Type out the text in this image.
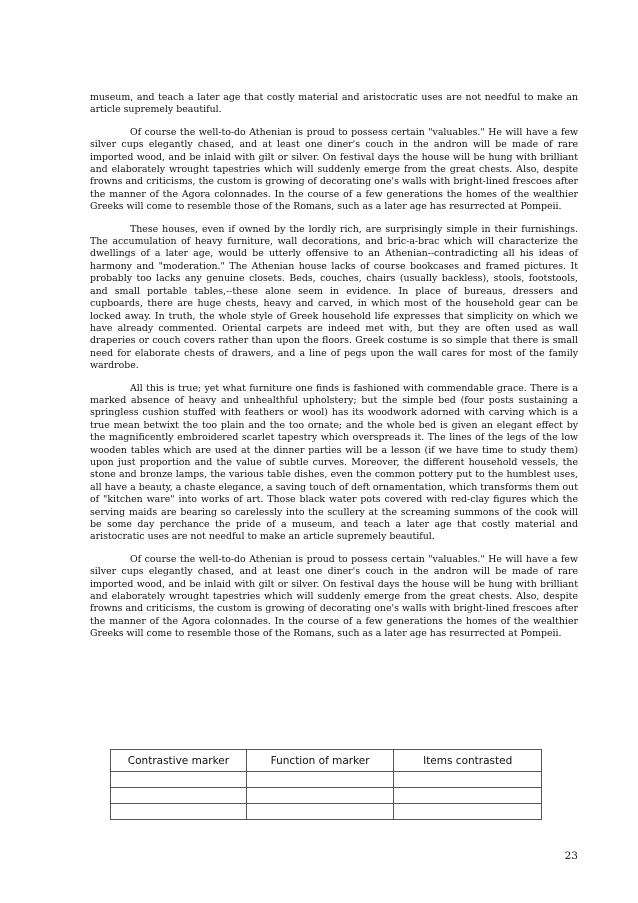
museum, and teach a later age that costly material and aristocratic uses are not needful to make an article supremely beautiful.

Of course the well-to-do Athenian is proud to possess certain "valuables." He will have a few silver cups elegantly chased, and at least one diner's couch in the andron will be made of rare imported wood, and be inlaid with gilt or silver. On festival days the house will be hung with brilliant and elaborately wrought tapestries which will suddenly emerge from the great chests. Also, despite frowns and criticisms, the custom is growing of decorating one's walls with bright-lined frescoes after the manner of the Agora colonnades. In the course of a few generations the homes of the wealthier Greeks will come to resemble those of the Romans, such as a later age has resurrected at Pompeii.

These houses, even if owned by the lordly rich, are surprisingly simple in their furnishings. The accumulation of heavy furniture, wall decorations, and bric-a-brac which will characterize the dwellings of a later age, would be utterly offensive to an Athenian--contradicting all his ideas of harmony and "moderation." The Athenian house lacks of course bookcases and framed pictures. It probably too lacks any genuine closets. Beds, couches, chairs (usually backless), stools, footstools, and small portable tables,--these alone seem in evidence. In place of bureaus, dressers and cupboards, there are huge chests, heavy and carved, in which most of the household gear can be locked away. In truth, the whole style of Greek household life expresses that simplicity on which we have already commented. Oriental carpets are indeed met with, but they are often used as wall draperies or couch covers rather than upon the floors. Greek costume is so simple that there is small need for elaborate chests of drawers, and a line of pegs upon the wall cares for most of the family wardrobe.

All this is true; yet what furniture one finds is fashioned with commendable grace. There is a marked absence of heavy and unhealthful upholstery; but the simple bed (four posts sustaining a springless cushion stuffed with feathers or wool) has its woodwork adorned with carving which is a true mean betwixt the too plain and the too ornate; and the whole bed is given an elegant effect by the magnificently embroidered scarlet tapestry which overspreads it. The lines of the legs of the low wooden tables which are used at the dinner parties will be a lesson (if we have time to study them) upon just proportion and the value of subtle curves. Moreover, the different household vessels, the stone and bronze lamps, the various table dishes, even the common pottery put to the humblest uses, all have a beauty, a chaste elegance, a saving touch of deft ornamentation, which transforms them out of "kitchen ware" into works of art. Those black water pots covered with red-clay figures which the serving maids are bearing so carelessly into the scullery at the screaming summons of the cook will be some day perchance the pride of a museum, and teach a later age that costly material and aristocratic uses are not needful to make an article supremely beautiful.

Of course the well-to-do Athenian is proud to possess certain "valuables." He will have a few silver cups elegantly chased, and at least one diner's couch in the andron will be made of rare imported wood, and be inlaid with gilt or silver. On festival days the house will be hung with brilliant and elaborately wrought tapestries which will suddenly emerge from the great chests. Also, despite frowns and criticisms, the custom is growing of decorating one's walls with bright-lined frescoes after the manner of the Agora colonnades. In the course of a few generations the homes of the wealthier Greeks will come to resemble those of the Romans, such as a later age has resurrected at Pompeii.

Contrastive marker	Function of marker	Items contrasted

23
